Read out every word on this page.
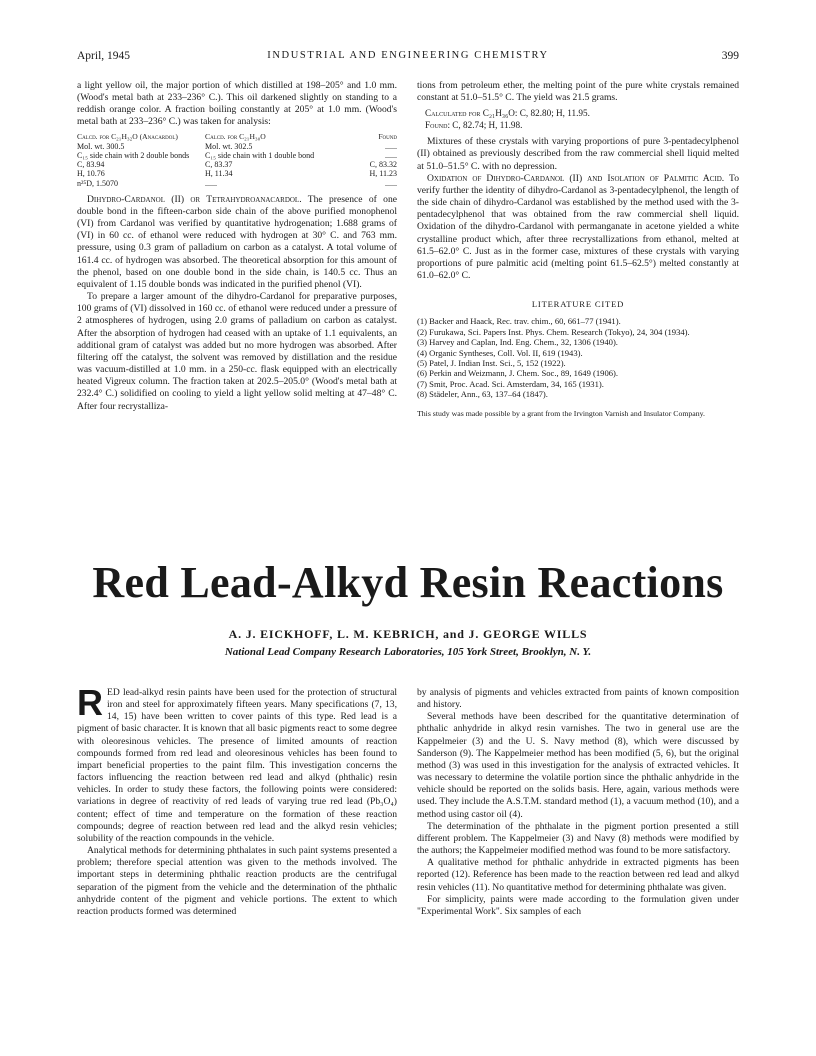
April, 1945	INDUSTRIAL AND ENGINEERING CHEMISTRY	399

a light yellow oil, the major portion of which distilled at 198–205° and 1.0 mm. (Wood's metal bath at 233–236° C.). This oil darkened slightly on standing to a reddish orange color. A fraction boiling constantly at 205° at 1.0 mm. (Wood's metal bath at 233–236° C.) was taken for analysis:

Calcd. for C₂₁H₃₂O (Anacardol)	Calcd. for C₂₁H₃₀O	Found
Mol. wt. 300.5	Mol. wt. 302.5	......
C₁₅ side chain with 2 double bonds	C₁₅ side chain with 1 double bond	......
C, 83.94	C, 83.37	C, 83.32
H, 10.76	H, 11.34	H, 11.23
n²⁵D, 1.5070	......	......

Dihydro-Cardanol (II) or Tetrahydroanacardol. The presence of one double bond in the fifteen-carbon side chain of the above purified monophenol (VI) from Cardanol was verified by quantitative hydrogenation; 1.688 grams of (VI) in 60 cc. of ethanol were reduced with hydrogen at 30° C. and 763 mm. pressure, using 0.3 gram of palladium on carbon as a catalyst. A total volume of 161.4 cc. of hydrogen was absorbed. The theoretical absorption for this amount of the phenol, based on one double bond in the side chain, is 140.5 cc. Thus an equivalent of 1.15 double bonds was indicated in the purified phenol (VI).

To prepare a larger amount of the dihydro-Cardanol for preparative purposes, 100 grams of (VI) dissolved in 160 cc. of ethanol were reduced under a pressure of 2 atmospheres of hydrogen, using 2.0 grams of palladium on carbon as catalyst. After the absorption of hydrogen had ceased with an uptake of 1.1 equivalents, an additional gram of catalyst was added but no more hydrogen was absorbed. After filtering off the catalyst, the solvent was removed by distillation and the residue was vacuum-distilled at 1.0 mm. in a 250-cc. flask equipped with an electrically heated Vigreux column. The fraction taken at 202.5–205.0° (Wood's metal bath at 232.4° C.) solidified on cooling to yield a light yellow solid melting at 47–48° C. After four recrystalliza-

tions from petroleum ether, the melting point of the pure white crystals remained constant at 51.0–51.5° C. The yield was 21.5 grams.

Calculated for C₂₁H₃₆O: C, 82.80; H, 11.95.
Found: C, 82.74; H, 11.98.

Mixtures of these crystals with varying proportions of pure 3-pentadecylphenol (II) obtained as previously described from the raw commercial shell liquid melted at 51.0–51.5° C. with no depression.

Oxidation of Dihydro-Cardanol (II) and Isolation of Palmitic Acid. To verify further the identity of dihydro-Cardanol as 3-pentadecylphenol, the length of the side chain of dihydro-Cardanol was established by the method used with the 3-pentadecylphenol that was obtained from the raw commercial shell liquid. Oxidation of the dihydro-Cardanol with permanganate in acetone yielded a white crystalline product which, after three recrystallizations from ethanol, melted at 61.5–62.0° C. Just as in the former case, mixtures of these crystals with varying proportions of pure palmitic acid (melting point 61.5–62.5°) melted constantly at 61.0–62.0° C.

LITERATURE CITED
(1) Backer and Haack, Rec. trav. chim., 60, 661–77 (1941).
(2) Furukawa, Sci. Papers Inst. Phys. Chem. Research (Tokyo), 24, 304 (1934).
(3) Harvey and Caplan, Ind. Eng. Chem., 32, 1306 (1940).
(4) Organic Syntheses, Coll. Vol. II, 619 (1943).
(5) Patel, J. Indian Inst. Sci., 5, 152 (1922).
(6) Perkin and Weizmann, J. Chem. Soc., 89, 1649 (1906).
(7) Smit, Proc. Acad. Sci. Amsterdam, 34, 165 (1931).
(8) Städeler, Ann., 63, 137–64 (1847).
This study was made possible by a grant from the Irvington Varnish and Insulator Company.
Red Lead-Alkyd Resin Reactions
A. J. EICKHOFF, L. M. KEBRICH, and J. GEORGE WILLS
National Lead Company Research Laboratories, 105 York Street, Brooklyn, N. Y.

RED lead-alkyd resin paints have been used for the protection of structural iron and steel for approximately fifteen years. Many specifications (7, 13, 14, 15) have been written to cover paints of this type. Red lead is a pigment of basic character. It is known that all basic pigments react to some degree with oleoresinous vehicles. The presence of limited amounts of reaction compounds formed from red lead and oleoresinous vehicles has been found to impart beneficial properties to the paint film. This investigation concerns the factors influencing the reaction between red lead and alkyd (phthalic) resin vehicles. In order to study these factors, the following points were considered: variations in degree of reactivity of red leads of varying true red lead (Pb₃O₄) content; effect of time and temperature on the formation of these reaction compounds; degree of reaction between red lead and the alkyd resin vehicles; solubility of the reaction compounds in the vehicle.

Analytical methods for determining phthalates in such paint systems presented a problem; therefore special attention was given to the methods involved. The important steps in determining phthalic reaction products are the centrifugal separation of the pigment from the vehicle and the determination of the phthalic anhydride content of the pigment and vehicle portions. The extent to which reaction products formed was determined

by analysis of pigments and vehicles extracted from paints of known composition and history.

Several methods have been described for the quantitative determination of phthalic anhydride in alkyd resin varnishes. The two in general use are the Kappelmeier (3) and the U. S. Navy method (8), which were discussed by Sanderson (9). The Kappelmeier method has been modified (5, 6), but the original method (3) was used in this investigation for the analysis of extracted vehicles. It was necessary to determine the volatile portion since the phthalic anhydride in the vehicle should be reported on the solids basis. Here, again, various methods were used. They include the A.S.T.M. standard method (1), a vacuum method (10), and a method using castor oil (4).

The determination of the phthalate in the pigment portion presented a still different problem. The Kappelmeier (3) and Navy (8) methods were modified by the authors; the Kappelmeier modified method was found to be more satisfactory.

A qualitative method for phthalic anhydride in extracted pigments has been reported (12). Reference has been made to the reaction between red lead and alkyd resin vehicles (11). No quantitative method for determining phthalate was given.

For simplicity, paints were made according to the formulation given under "Experimental Work". Six samples of each
